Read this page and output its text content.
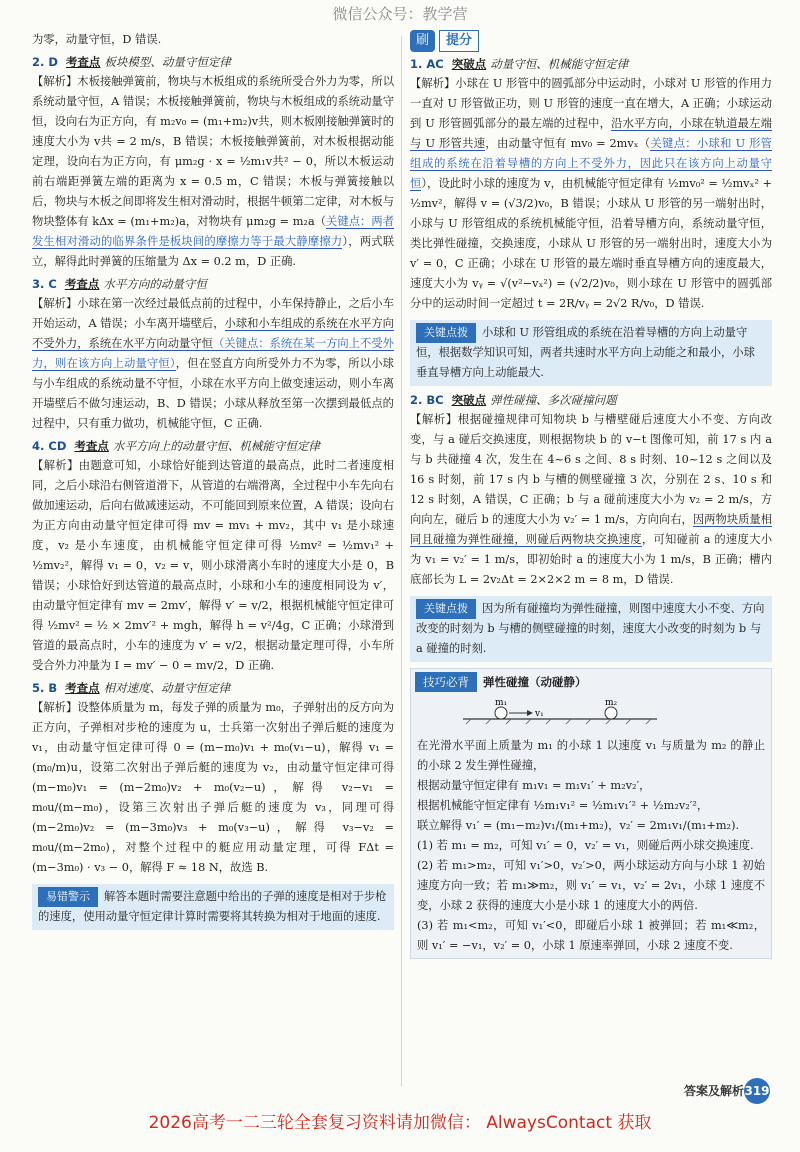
微信公众号：教学营

为零，动量守恒，D 错误.

2. D 考查点 板块模型、动量守恒定律

【解析】木板接触弹簧前，物块与木板组成的系统所受合外力为零，所以系统动量守恒，A 错误；木板接触弹簧前，物块与木板组成的系统动量守恒，设向右为正方向，有 m₂v₀ = (m₁+m₂)v共，则木板刚接触弹簧时的速度大小为 v共 = 2 m/s，B 错误；木板接触弹簧前，对木板根据动能定理，设向右为正方向，有 μm₂g · x = ½m₁v共² − 0，所以木板运动前右端距弹簧左端的距离为 x = 0.5 m，C 错误；木板与弹簧接触以后，物块与木板之间即将发生相对滑动时，根据牛顿第二定律，对木板与物块整体有 kΔx = (m₁+m₂)a，对物块有 μm₂g = m₂a（关键点：两者发生相对滑动的临界条件是板块间的摩擦力等于最大静摩擦力），两式联立，解得此时弹簧的压缩量为 Δx = 0.2 m，D 正确.

3. C 考查点 水平方向的动量守恒

【解析】小球在第一次经过最低点前的过程中，小车保持静止，之后小车开始运动，A 错误；小车离开墙壁后，小球和小车组成的系统在水平方向不受外力，系统在水平方向动量守恒（关键点：系统在某一方向上不受外力，则在该方向上动量守恒），但在竖直方向所受外力不为零，所以小球与小车组成的系统动量不守恒，小球在水平方向上做变速运动，则小车离开墙壁后不做匀速运动，B、D 错误；小球从释放至第一次摆到最低点的过程中，只有重力做功，机械能守恒，C 正确.

4. CD 考查点 水平方向上的动量守恒、机械能守恒定律

【解析】由题意可知，小球恰好能到达管道的最高点，此时二者速度相同，之后小球沿右侧管道滑下，从管道的右端滑离，全过程中小车先向右做加速运动，后向右做减速运动，不可能回到原来位置，A 错误；设向右为正方向由动量守恒定律可得 mv = mv₁ + mv₂，其中 v₁ 是小球速度，v₂ 是小车速度，由机械能守恒定律可得 ½mv² = ½mv₁² + ½mv₂²，解得 v₁ = 0，v₂ = v，则小球滑离小车时的速度大小是 0，B 错误；小球恰好到达管道的最高点时，小球和小车的速度相同设为 v′，由动量守恒定律有 mv = 2mv′，解得 v′ = v/2，根据机械能守恒定律可得 ½mv² = ½ × 2mv′² + mgh，解得 h = v²/4g，C 正确；小球滑到管道的最高点时，小车的速度为 v′ = v/2，根据动量定理可得，小车所受合外力冲量为 I = mv′ − 0 = mv/2，D 正确.

5. B 考查点 相对速度、动量守恒定律

【解析】设整体质量为 m，每发子弹的质量为 m₀，子弹射出的反方向为正方向，子弹相对步枪的速度为 u，士兵第一次射出子弹后艇的速度为 v₁，由动量守恒定律可得 0 = (m−m₀)v₁ + m₀(v₁−u)，解得 v₁ = (m₀/m)u，设第二次射出子弹后艇的速度为 v₂，由动量守恒定律可得 (m−m₀)v₁ = (m−2m₀)v₂ + m₀(v₂−u)，解得 v₂−v₁ = m₀u/(m−m₀)，设第三次射出子弹后艇的速度为 v₃，同理可得 (m−2m₀)v₂ = (m−3m₀)v₃ + m₀(v₃−u)，解得 v₃−v₂ = m₀u/(m−2m₀)，对整个过程中的艇应用动量定理，可得 FΔt = (m−3m₀) · v₃ − 0，解得 F ≈ 18 N，故选 B.

易错警示 解答本题时需要注意题中给出的子弹的速度是相对于步枪的速度，使用动量守恒定律计算时需要将其转换为相对于地面的速度.
刷	提分

1. AC 突破点 动量守恒、机械能守恒定律

【解析】小球在 U 形管中的圆弧部分中运动时，小球对 U 形管的作用力一直对 U 形管做正功，则 U 形管的速度一直在增大，A 正确；小球运动到 U 形管圆弧部分的最左端的过程中，沿水平方向，小球在轨道最左端与 U 形管共速，由动量守恒有 mv₀ = 2mvₓ（关键点：小球和 U 形管组成的系统在沿着导槽的方向上不受外力，因此只在该方向上动量守恒），设此时小球的速度为 v，由机械能守恒定律有 ½mv₀² = ½mvₓ² + ½mv²，解得 v = (√3/2)v₀，B 错误；小球从 U 形管的另一端射出时，小球与 U 形管组成的系统机械能守恒，沿着导槽方向，系统动量守恒，类比弹性碰撞，交换速度，小球从 U 形管的另一端射出时，速度大小为 v′ = 0，C 正确；小球在 U 形管的最左端时垂直导槽方向的速度最大，速度大小为 vᵧ = √(v²−vₓ²) = (√2/2)v₀，则小球在 U 形管中的圆弧部分中的运动时间一定超过 t = 2R/vᵧ = 2√2 R/v₀，D 错误.

关键点拨 小球和 U 形管组成的系统在沿着导槽的方向上动量守恒，根据数学知识可知，两者共速时水平方向上动能之和最小，小球垂直导槽方向上动能最大.

2. BC 突破点 弹性碰撞、多次碰撞问题

【解析】根据碰撞规律可知物块 b 与槽壁碰后速度大小不变、方向改变，与 a 碰后交换速度，则根据物块 b 的 v−t 图像可知，前 17 s 内 a 与 b 共碰撞 4 次，发生在 4~6 s 之间、8 s 时刻、10~12 s 之间以及 16 s 时刻，前 17 s 内 b 与槽的侧壁碰撞 3 次，分别在 2 s、10 s 和 12 s 时刻，A 错误，C 正确；b 与 a 碰前速度大小为 v₂ = 2 m/s，方向向左，碰后 b 的速度大小为 v₂′ = 1 m/s，方向向右，因两物块质量相同且碰撞为弹性碰撞，则碰后两物块交换速度，可知碰前 a 的速度大小为 v₁ = v₂′ = 1 m/s，即初始时 a 的速度大小为 1 m/s，B 正确；槽内底部长为 L = 2v₂Δt = 2×2×2 m = 8 m，D 错误.

关键点拨 因为所有碰撞均为弹性碰撞，则图中速度大小不变、方向改变的时刻为 b 与槽的侧壁碰撞的时刻，速度大小改变的时刻为 b 与 a 碰撞的时刻.
技巧必背	弹性碰撞（动碰静）
m₁
v₁
m₂

在光滑水平面上质量为 m₁ 的小球 1 以速度 v₁ 与质量为 m₂ 的静止的小球 2 发生弹性碰撞，

根据动量守恒定律有 m₁v₁ = m₁v₁′ + m₂v₂′，

根据机械能守恒定律有 ½m₁v₁² = ½m₁v₁′² + ½m₂v₂′²，

联立解得 v₁′ = (m₁−m₂)v₁/(m₁+m₂)，v₂′ = 2m₁v₁/(m₁+m₂).

(1) 若 m₁ = m₂，可知 v₁′ = 0，v₂′ = v₁，则碰后两小球交换速度.

(2) 若 m₁>m₂，可知 v₁′>0，v₂′>0，两小球运动方向与小球 1 初始速度方向一致；若 m₁≫m₂，则 v₁′ = v₁，v₂′ = 2v₁，小球 1 速度不变，小球 2 获得的速度大小是小球 1 的速度大小的两倍.

(3) 若 m₁<m₂，可知 v₁′<0，即碰后小球 1 被弹回；若 m₁≪m₂，则 v₁′ = −v₁，v₂′ = 0，小球 1 原速率弹回，小球 2 速度不变.

答案及解析 319
2026高考一二三轮全套复习资料请加微信： AlwaysContact 获取
